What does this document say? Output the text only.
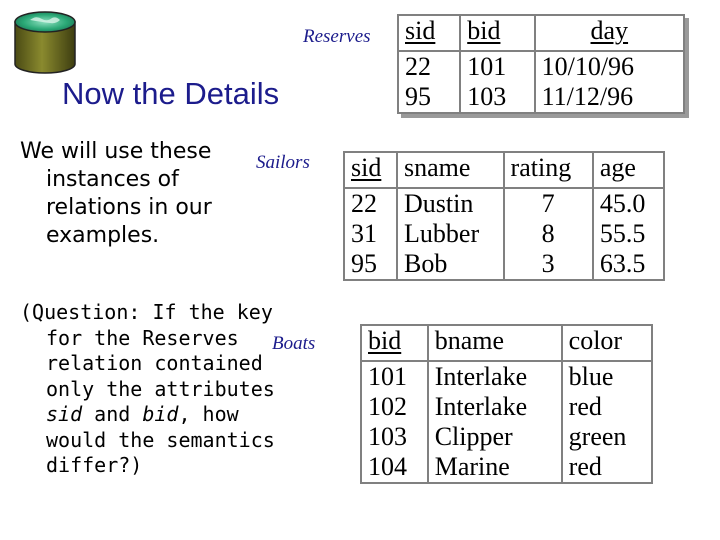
Now the Details
We will use these
instances of
relations in our
examples.
(Question: If the key
for the Reserves
relation contained
only the attributes
sid and bid, how
would the semantics
differ?)
Reserves sid	bid	day
22	101	10/10/96
95	103	11/12/96
Sailors sid	sname	rating	age
22	Dustin	7	45.0
31	Lubber	8	55.5
95	Bob	3	63.5
Boats bid	bname	color
101	Interlake	blue
102	Interlake	red
103	Clipper	green
104	Marine	red
